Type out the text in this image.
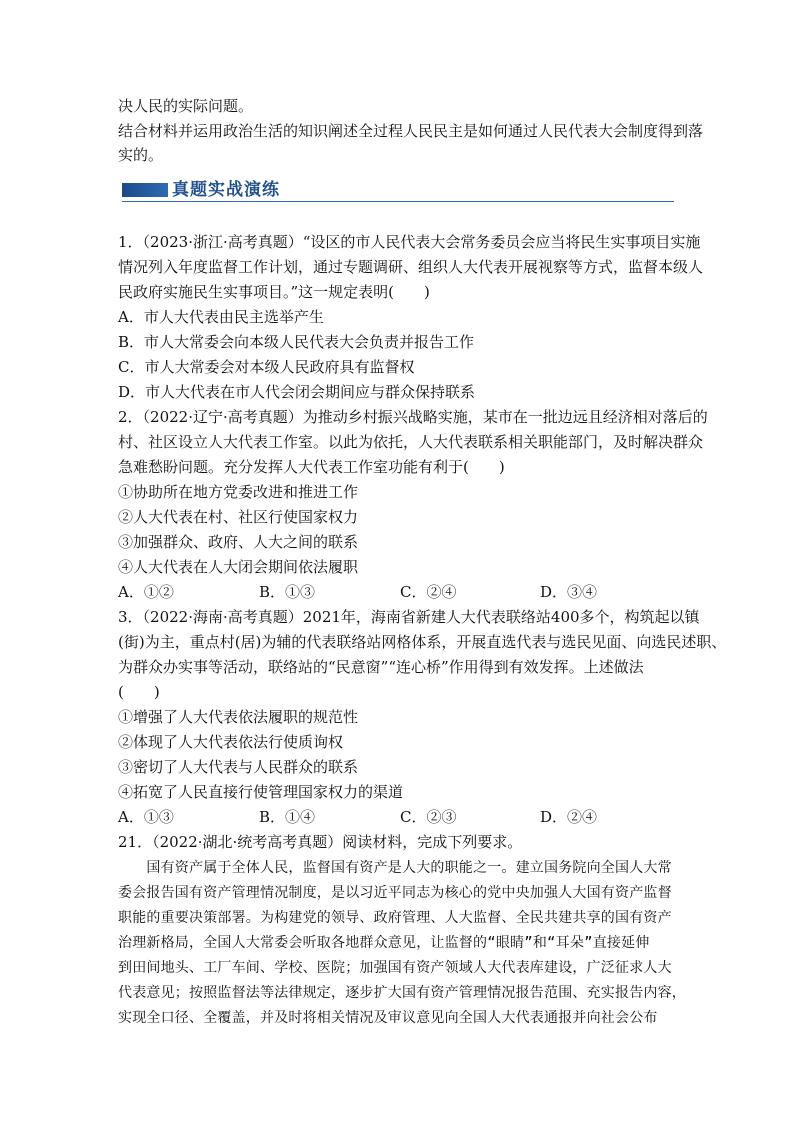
决人民的实际问题。
结合材料并运用政治生活的知识阐述全过程人民民主是如何通过人民代表大会制度得到落
实的。
真题实战演练
1．（2023·浙江·高考真题）“设区的市人民代表大会常务委员会应当将民生实事项目实施
情况列入年度监督工作计划，通过专题调研、组织人大代表开展视察等方式，监督本级人
民政府实施民生实事项目。”这一规定表明(　　)
A．市人大代表由民主选举产生
B．市人大常委会向本级人民代表大会负责并报告工作
C．市人大常委会对本级人民政府具有监督权
D．市人大代表在市人代会闭会期间应与群众保持联系
2．（2022·辽宁·高考真题）为推动乡村振兴战略实施，某市在一批边远且经济相对落后的
村、社区设立人大代表工作室。以此为依托，人大代表联系相关职能部门，及时解决群众
急难愁盼问题。充分发挥人大代表工作室功能有利于(　　)
①协助所在地方党委改进和推进工作
②人大代表在村、社区行使国家权力
③加强群众、政府、人大之间的联系
④人大代表在人大闭会期间依法履职
A．①②	B．①③	C．②④	D．③④
3．（2022·海南·高考真题）2021年，海南省新建人大代表联络站400多个，构筑起以镇
(街)为主，重点村(居)为辅的代表联络站网格体系，开展直选代表与选民见面、向选民述职、
为群众办实事等活动，联络站的“民意窗”“连心桥”作用得到有效发挥。上述做法
(　　)
①增强了人大代表依法履职的规范性
②体现了人大代表依法行使质询权
③密切了人大代表与人民群众的联系
④拓宽了人民直接行使管理国家权力的渠道
A．①③	B．①④	C．②③	D．②④
21．（2022·湖北·统考高考真题）阅读材料，完成下列要求。
　　国有资产属于全体人民，监督国有资产是人大的职能之一。建立国务院向全国人大常
委会报告国有资产管理情况制度，是以习近平同志为核心的党中央加强人大国有资产监督
职能的重要决策部署。为构建党的领导、政府管理、人大监督、全民共建共享的国有资产
治理新格局，全国人大常委会听取各地群众意见，让监督的“眼睛”和“耳朵”直接延伸
到田间地头、工厂车间、学校、医院；加强国有资产领域人大代表库建设，广泛征求人大
代表意见；按照监督法等法律规定，逐步扩大国有资产管理情况报告范围、充实报告内容，
实现全口径、全覆盖，并及时将相关情况及审议意见向全国人大代表通报并向社会公布
